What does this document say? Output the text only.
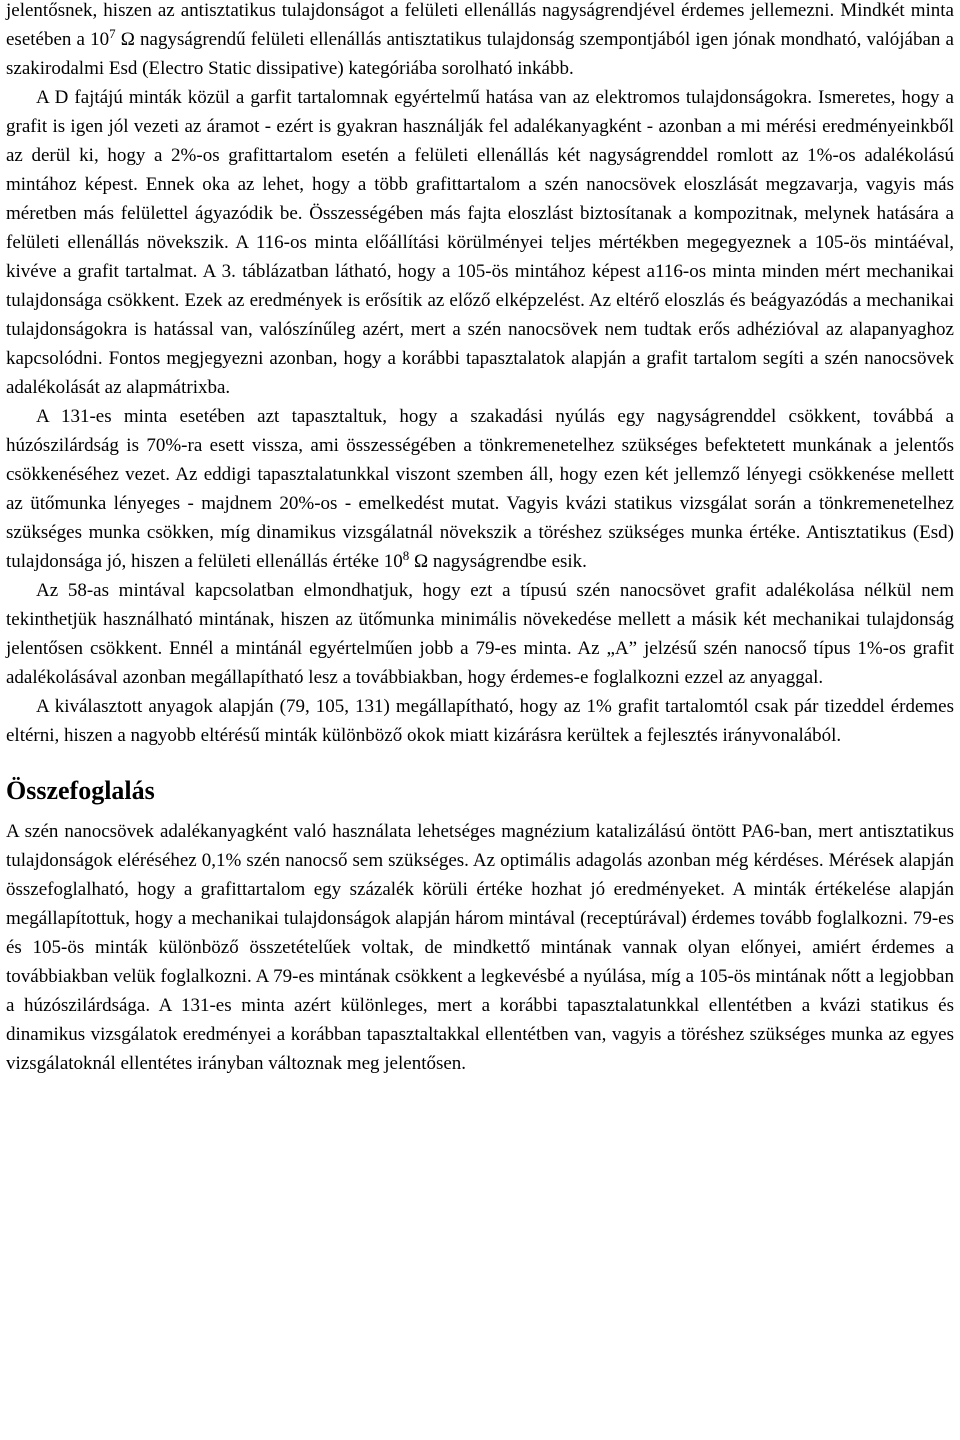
jelentősnek, hiszen az antisztatikus tulajdonságot a felületi ellenállás nagyságrendjével érdemes jellemezni. Mindkét minta esetében a $10^7$ Ω nagyságrendű felületi ellenállás antisztatikus tulajdonság szempontjából igen jónak mondható, valójában a szakirodalmi Esd (Electro Static dissipative) kategóriába sorolható inkább.

A D fajtájú minták közül a garfit tartalomnak egyértelmű hatása van az elektromos tulajdonságokra. Ismeretes, hogy a grafit is igen jól vezeti az áramot - ezért is gyakran használják fel adalékanyagként - azonban a mi mérési eredményeinkből az derül ki, hogy a 2%-os grafittartalom esetén a felületi ellenállás két nagyságrenddel romlott az 1%-os adalékolású mintához képest. Ennek oka az lehet, hogy a több grafittartalom a szén nanocsövek eloszlását megzavarja, vagyis más méretben más felülettel ágyazódik be. Összességében más fajta eloszlást biztosítanak a kompozitnak, melynek hatására a felületi ellenállás növekszik. A 116-os minta előállítási körülményei teljes mértékben megegyeznek a 105-ös mintáéval, kivéve a grafit tartalmat. A 3. táblázatban látható, hogy a 105-ös mintához képest a116-os minta minden mért mechanikai tulajdonsága csökkent. Ezek az eredmények is erősítik az előző elképzelést. Az eltérő eloszlás és beágyazódás a mechanikai tulajdonságokra is hatással van, valószínűleg azért, mert a szén nanocsövek nem tudtak erős adhézióval az alapanyaghoz kapcsolódni. Fontos megjegyezni azonban, hogy a korábbi tapasztalatok alapján a grafit tartalom segíti a szén nanocsövek adalékolását az alapmátrixba.

A 131-es minta esetében azt tapasztaltuk, hogy a szakadási nyúlás egy nagyságrenddel csökkent, továbbá a húzószilárdság is 70%-ra esett vissza, ami összességében a tönkremenetelhez szükséges befektetett munkának a jelentős csökkenéséhez vezet. Az eddigi tapasztalatunkkal viszont szemben áll, hogy ezen két jellemző lényegi csökkenése mellett az ütőmunka lényeges - majdnem 20%-os - emelkedést mutat. Vagyis kvázi statikus vizsgálat során a tönkremenetelhez szükséges munka csökken, míg dinamikus vizsgálatnál növekszik a töréshez szükséges munka értéke. Antisztatikus (Esd) tulajdonsága jó, hiszen a felületi ellenállás értéke $10^8$ Ω nagyságrendbe esik.

Az 58-as mintával kapcsolatban elmondhatjuk, hogy ezt a típusú szén nanocsövet grafit adalékolása nélkül nem tekinthetjük használható mintának, hiszen az ütőmunka minimális növekedése mellett a másik két mechanikai tulajdonság jelentősen csökkent. Ennél a mintánál egyértelműen jobb a 79-es minta. Az „A” jelzésű szén nanocső típus 1%-os grafit adalékolásával azonban megállapítható lesz a továbbiakban, hogy érdemes-e foglalkozni ezzel az anyaggal.

A kiválasztott anyagok alapján (79, 105, 131) megállapítható, hogy az 1% grafit tartalomtól csak pár tizeddel érdemes eltérni, hiszen a nagyobb eltérésű minták különböző okok miatt kizárásra kerültek a fejlesztés irányvonalából.

Összefoglalás

A szén nanocsövek adalékanyagként való használata lehetséges magnézium katalizálású öntött PA6-ban, mert antisztatikus tulajdonságok eléréséhez 0,1% szén nanocső sem szükséges. Az optimális adagolás azonban még kérdéses. Mérések alapján összefoglalható, hogy a grafittartalom egy százalék körüli értéke hozhat jó eredményeket. A minták értékelése alapján megállapítottuk, hogy a mechanikai tulajdonságok alapján három mintával (receptúrával) érdemes tovább foglalkozni. 79-es és 105-ös minták különböző összetételűek voltak, de mindkettő mintának vannak olyan előnyei, amiért érdemes a továbbiakban velük foglalkozni. A 79-es mintának csökkent a legkevésbé a nyúlása, míg a 105-ös mintának nőtt a legjobban a húzószilárdsága. A 131-es minta azért különleges, mert a korábbi tapasztalatunkkal ellentétben a kvázi statikus és dinamikus vizsgálatok eredményei a korábban tapasztaltakkal ellentétben van, vagyis a töréshez szükséges munka az egyes vizsgálatoknál ellentétes irányban változnak meg jelentősen.
